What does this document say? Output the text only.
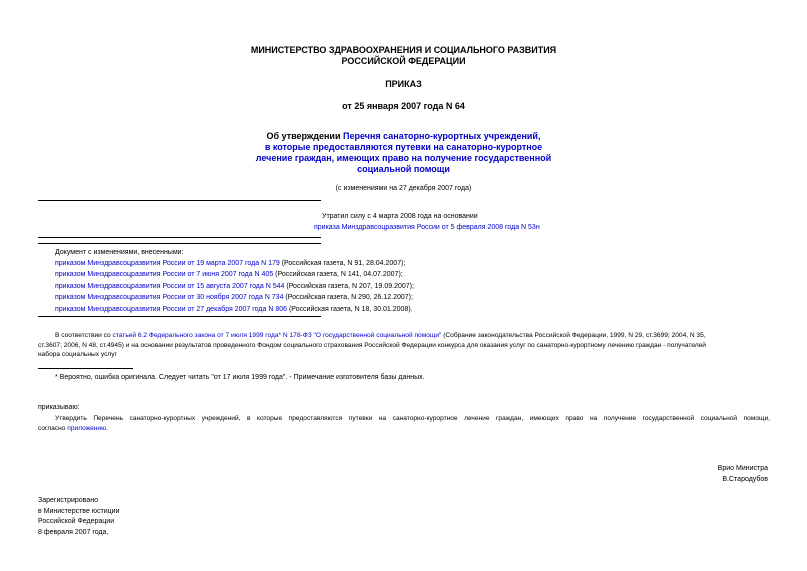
МИНИСТЕРСТВО ЗДРАВООХРАНЕНИЯ И СОЦИАЛЬНОГО РАЗВИТИЯ
РОССИЙСКОЙ ФЕДЕРАЦИИ
ПРИКАЗ
от 25 января 2007 года N 64
Об утверждении Перечня санаторно-курортных учреждений,
в которые предоставляются путевки на санаторно-курортное
лечение граждан, имеющих право на получение государственной
социальной помощи
(с изменениями на 27 декабря 2007 года)
Утратил силу с 4 марта 2008 года на основании
приказа Минздравсоцразвития России от 5 февраля 2008 года N 53н
Документ с изменениями, внесенными:
приказом Минздравсоцразвития России от 19 марта 2007 года N 179 (Российская газета, N 91, 28.04.2007);
приказом Минздравсоцразвития России от 7 июня 2007 года N 405 (Российская газета, N 141, 04.07.2007);
приказом Минздравсоцразвития России от 15 августа 2007 года N 544 (Российская газета, N 207, 19.09.2007);
приказом Минздравсоцразвития России от 30 ноября 2007 года N 734 (Российская газета, N 290, 26.12.2007);
приказом Минздравсоцразвития России от 27 декабря 2007 года N 806 (Российская газета, N 18, 30.01.2008).
В соответствии со статьей 6.2 Федерального закона от 7 июля 1999 года* N 178-ФЗ "О государственной социальной помощи" (Собрание законодательства Российской Федерации, 1999, N 29, ст.3699; 2004, N 35,
ст.3607; 2006, N 48, ст.4945) и на основании результатов проведенного Фондом социального страхования Российской Федерации конкурса для оказания услуг по санаторно-курортному лечению граждан - получателей
набора социальных услуг
* Вероятно, ошибка оригинала. Следует читать "от 17 июля 1999 года". - Примечание изготовителя базы данных.
приказываю:
Утвердить Перечень санаторно-курортных учреждений, в которые предоставляются путевки на санаторно-курортное лечение граждан, имеющих право на получение государственной социальной помощи,
согласно приложению.
Врио Министра
В.Стародубов
Зарегистрировано
в Министерстве юстиции
Российской Федерации
8 февраля 2007 года,
